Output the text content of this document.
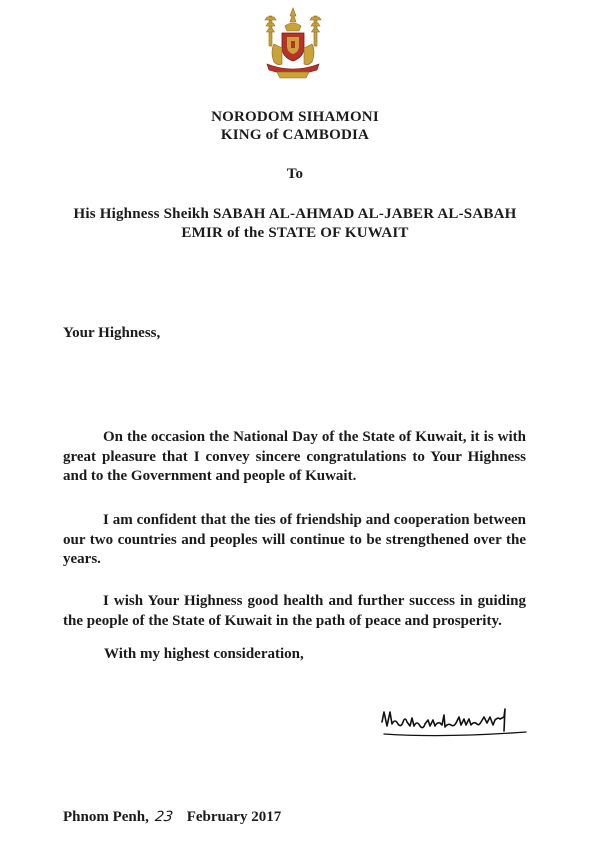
NORODOM SIHAMONI
KING of CAMBODIA
To
His Highness Sheikh SABAH AL-AHMAD AL-JABER AL-SABAH
EMIR of the STATE OF KUWAIT
Your Highness,

On the occasion the National Day of the State of Kuwait, it is with great pleasure that I convey sincere congratulations to Your Highness and to the Government and people of Kuwait.

I am confident that the ties of friendship and cooperation between our two countries and peoples will continue to be strengthened over the years.

I wish Your Highness good health and further success in guiding the people of the State of Kuwait in the path of peace and prosperity.

With my highest consideration,
Phnom Penh, 23 February 2017
